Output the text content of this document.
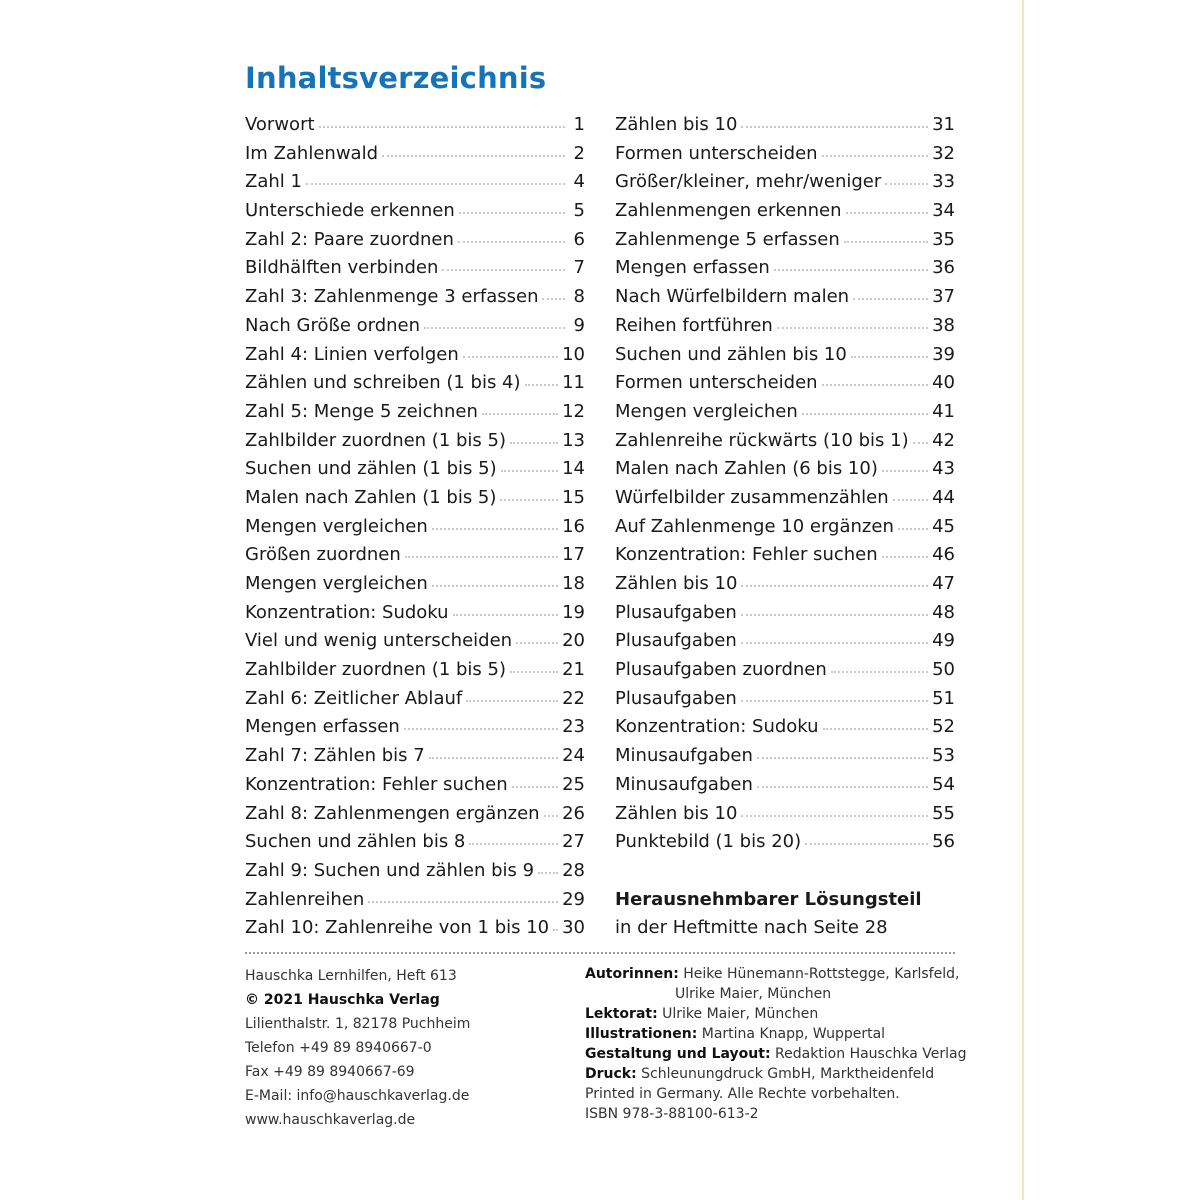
Inhaltsverzeichnis
Vorwort	1
Im Zahlenwald	2
Zahl 1	4
Unterschiede erkennen	5
Zahl 2: Paare zuordnen	6
Bildhälften verbinden	7
Zahl 3: Zahlenmenge 3 erfassen 8
Nach Größe ordnen	9
Zahl 4: Linien verfolgen	10
Zählen und schreiben (1 bis 4) 11
Zahl 5: Menge 5 zeichnen	12
Zahlbilder zuordnen (1 bis 5)	13
Suchen und zählen (1 bis 5)	14
Malen nach Zahlen (1 bis 5)	15
Mengen vergleichen	16
Größen zuordnen	17
Mengen vergleichen	18
Konzentration: Sudoku	19
Viel und wenig unterscheiden	20
Zahlbilder zuordnen (1 bis 5)	21
Zahl 6: Zeitlicher Ablauf	22
Mengen erfassen	23
Zahl 7: Zählen bis 7	24
Konzentration: Fehler suchen	25
Zahl 8: Zahlenmengen ergänzen 26
Suchen und zählen bis 8	27
Zahl 9: Suchen und zählen bis 9 28
Zahlenreihen	29
Zahl 10: Zahlenreihe von 1 bis 10 30
Zählen bis 10	31
Formen unterscheiden	32
Größer/kleiner, mehr/weniger	33
Zahlenmengen erkennen	34
Zahlenmenge 5 erfassen	35
Mengen erfassen	36
Nach Würfelbildern malen	37
Reihen fortführen	38
Suchen und zählen bis 10	39
Formen unterscheiden	40
Mengen vergleichen	41
Zahlenreihe rückwärts (10 bis 1) 42
Malen nach Zahlen (6 bis 10)	43
Würfelbilder zusammenzählen 44
Auf Zahlenmenge 10 ergänzen 45
Konzentration: Fehler suchen	46
Zählen bis 10	47
Plusaufgaben	48
Plusaufgaben	49
Plusaufgaben zuordnen	50
Plusaufgaben	51
Konzentration: Sudoku	52
Minusaufgaben	53
Minusaufgaben	54
Zählen bis 10	55
Punktebild (1 bis 20)	56
Herausnehmbarer Lösungsteil
in der Heftmitte nach Seite 28
Hauschka Lernhilfen, Heft 613
© 2021 Hauschka Verlag
Lilienthalstr. 1, 82178 Puchheim
Telefon +49 89 8940667-0
Fax +49 89 8940667-69
E-Mail: info@hauschkaverlag.de
www.hauschkaverlag.de
Autorinnen: Heike Hünemann-Rottstegge, Karlsfeld,
Ulrike Maier, München
Lektorat: Ulrike Maier, München
Illustrationen: Martina Knapp, Wuppertal
Gestaltung und Layout: Redaktion Hauschka Verlag
Druck: Schleunungdruck GmbH, Marktheidenfeld
Printed in Germany. Alle Rechte vorbehalten.
ISBN 978-3-88100-613-2
